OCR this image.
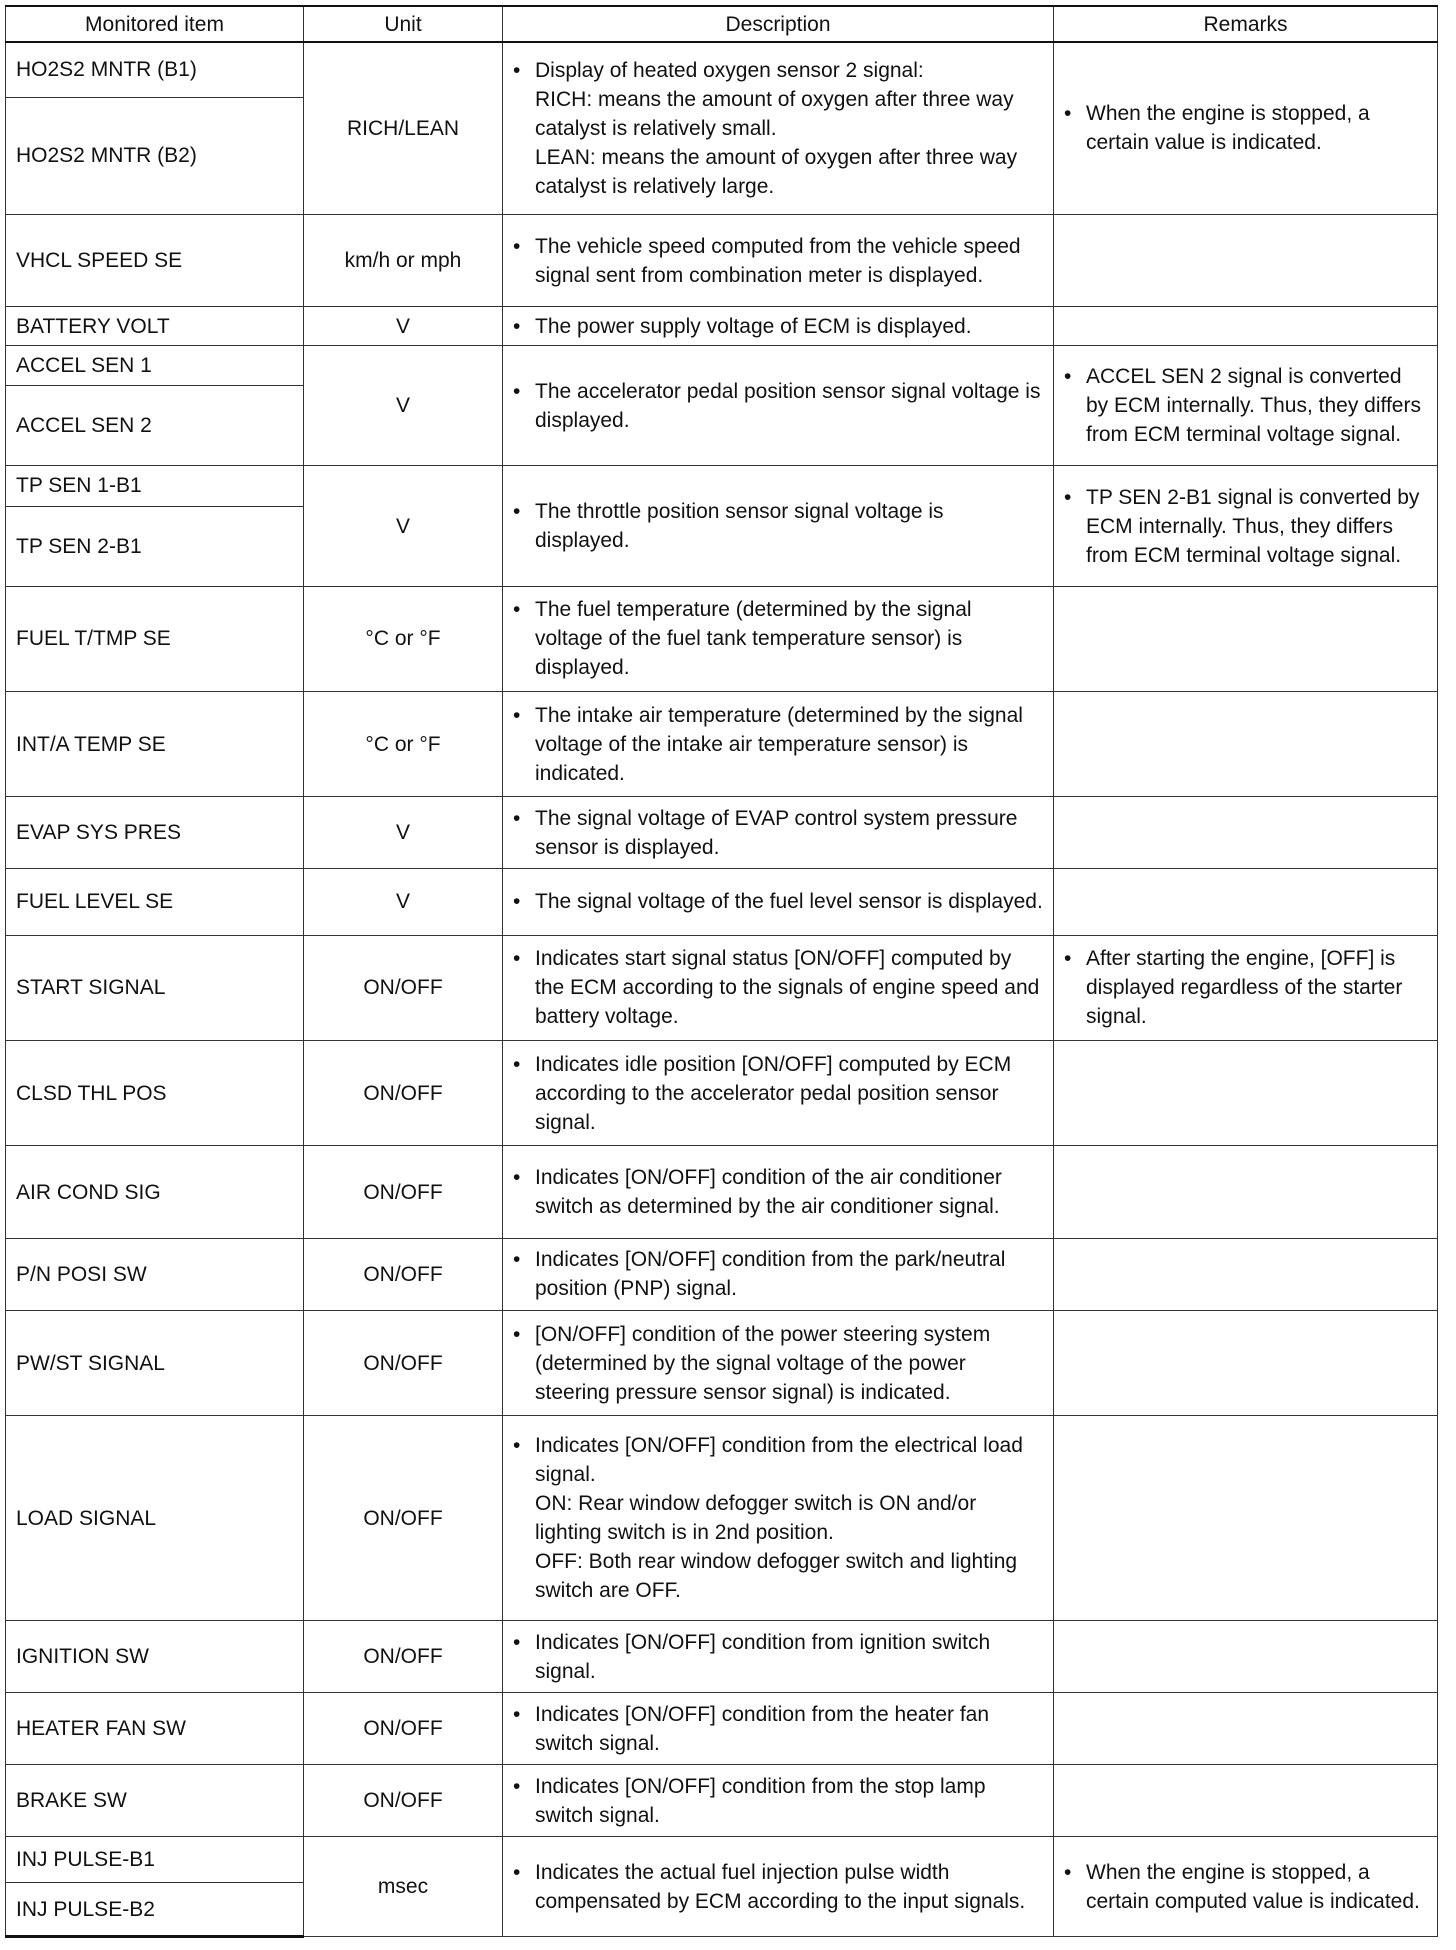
Monitored item	Unit	Description	Remarks
HO2S2 MNTR (B1)	RICH/LEAN	• Display of heated oxygen sensor 2 signal:
RICH: means the amount of oxygen after three way catalyst is relatively small.
LEAN: means the amount of oxygen after three way catalyst is relatively large.	• When the engine is stopped, a certain value is indicated.

HO2S2 MNTR (B2)			
VHCL SPEED SE	km/h or mph	• The vehicle speed computed from the vehicle speed signal sent from combination meter is displayed.	

BATTERY VOLT	V	• The power supply voltage of ECM is displayed.	

ACCEL SEN 1	V	• The accelerator pedal position sensor signal voltage is displayed.	• ACCEL SEN 2 signal is converted by ECM internally. Thus, they differs from ECM terminal voltage signal.

ACCEL SEN 2			
TP SEN 1-B1	V	• The throttle position sensor signal voltage is displayed.	• TP SEN 2-B1 signal is converted by ECM internally. Thus, they differs from ECM terminal voltage signal.

TP SEN 2-B1			
FUEL T/TMP SE	°C or °F	• The fuel temperature (determined by the signal voltage of the fuel tank temperature sensor) is displayed.	

INT/A TEMP SE	°C or °F	• The intake air temperature (determined by the signal voltage of the intake air temperature sensor) is indicated.	

EVAP SYS PRES	V	• The signal voltage of EVAP control system pressure sensor is displayed.	

FUEL LEVEL SE	V	• The signal voltage of the fuel level sensor is displayed.	

START SIGNAL	ON/OFF	• Indicates start signal status [ON/OFF] computed by the ECM according to the signals of engine speed and battery voltage.	• After starting the engine, [OFF] is displayed regardless of the starter signal.

CLSD THL POS	ON/OFF	• Indicates idle position [ON/OFF] computed by ECM according to the accelerator pedal position sensor signal.	

AIR COND SIG	ON/OFF	• Indicates [ON/OFF] condition of the air conditioner switch as determined by the air conditioner signal.	

P/N POSI SW	ON/OFF	• Indicates [ON/OFF] condition from the park/neutral position (PNP) signal.	

PW/ST SIGNAL	ON/OFF	• [ON/OFF] condition of the power steering system (determined by the signal voltage of the power steering pressure sensor signal) is indicated.	

LOAD SIGNAL	ON/OFF	• Indicates [ON/OFF] condition from the electrical load signal.
ON: Rear window defogger switch is ON and/or lighting switch is in 2nd position.
OFF: Both rear window defogger switch and lighting switch are OFF.	

IGNITION SW	ON/OFF	• Indicates [ON/OFF] condition from ignition switch signal.	

HEATER FAN SW	ON/OFF	• Indicates [ON/OFF] condition from the heater fan switch signal.	

BRAKE SW	ON/OFF	• Indicates [ON/OFF] condition from the stop lamp switch signal.	

INJ PULSE-B1	msec	• Indicates the actual fuel injection pulse width compensated by ECM according to the input signals.	• When the engine is stopped, a certain computed value is indicated.

INJ PULSE-B2			
